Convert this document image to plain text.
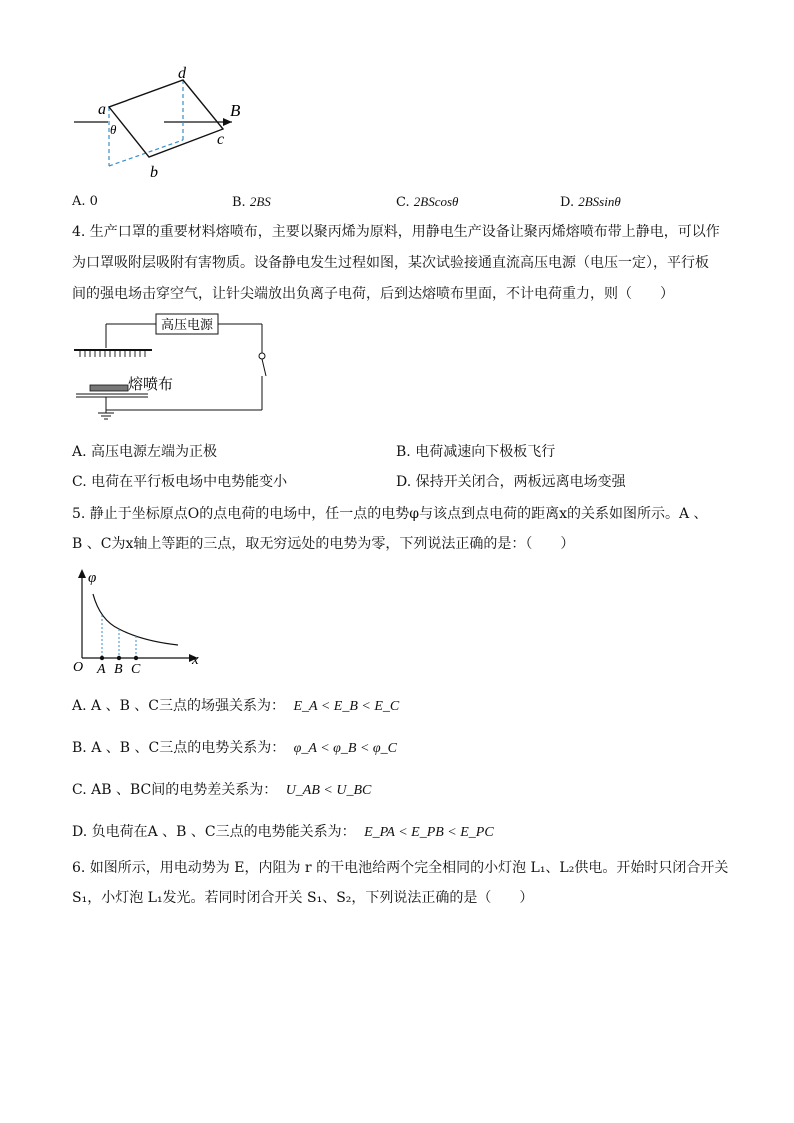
a
d
B
c
b
θ
A. 0	B. 2BS	C. 2BScosθ	D. 2BSsinθ
4. 生产口罩的重要材料熔喷布，主要以聚丙烯为原料，用静电生产设备让聚丙烯熔喷布带上静电，可以作
为口罩吸附层吸附有害物质。设备静电发生过程如图，某次试验接通直流高压电源（电压一定），平行板
间的强电场击穿空气，让针尖端放出负离子电荷，后到达熔喷布里面，不计电荷重力，则（　　）
高压电源
熔喷布
A. 高压电源左端为正极	B. 电荷减速向下极板飞行
C. 电荷在平行板电场中电势能变小	D. 保持开关闭合，两板远离电场变强
5. 静止于坐标原点O的点电荷的电场中，任一点的电势φ与该点到点电荷的距离x的关系如图所示。A 、
B 、C为x轴上等距的三点，取无穷远处的电势为零，下列说法正确的是：（　　）
φ
x
O A B C
A. A 、B 、C三点的场强关系为： E_A < E_B < E_C
B. A 、B 、C三点的电势关系为： φ_A < φ_B < φ_C
C. AB 、BC间的电势差关系为： U_AB < U_BC
D. 负电荷在A 、B 、C三点的电势能关系为： E_PA < E_PB < E_PC
6. 如图所示，用电动势为 E，内阻为 r 的干电池给两个完全相同的小灯泡 L₁、L₂供电。开始时只闭合开关
S₁，小灯泡 L₁发光。若同时闭合开关 S₁、S₂，下列说法正确的是（　　）
